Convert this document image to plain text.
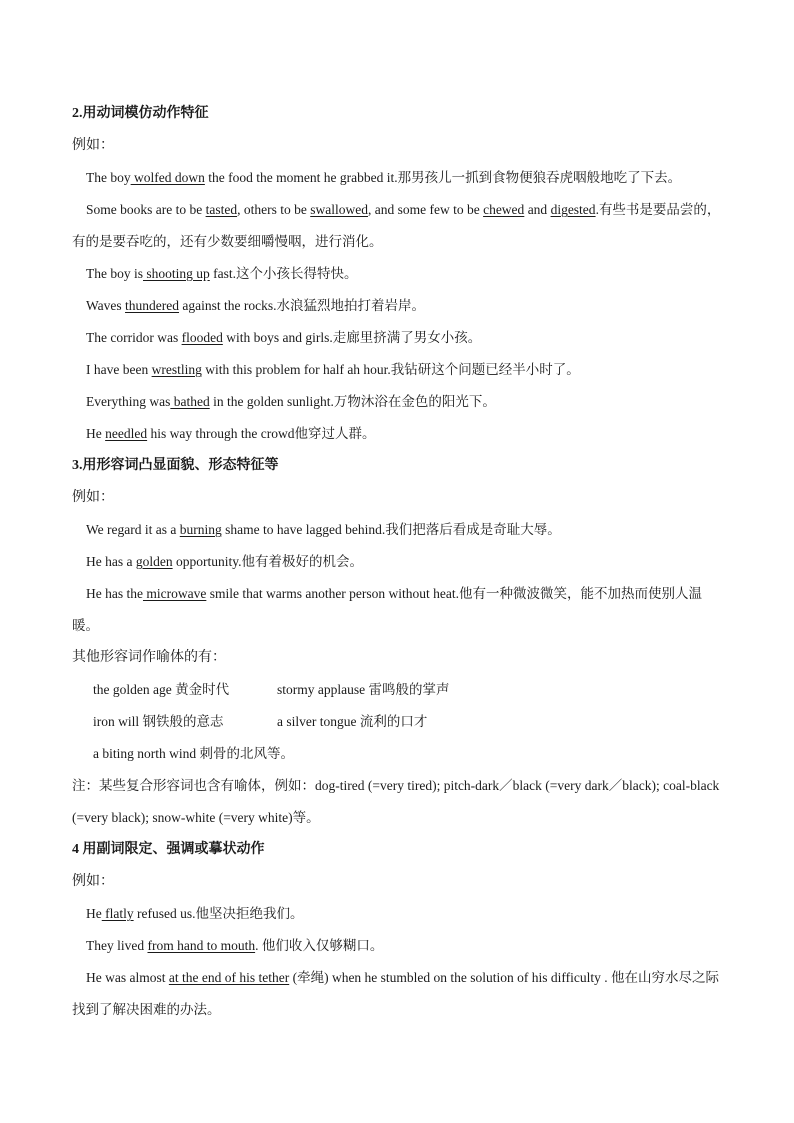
2.用动词模仿动作特征
例如：
The boy wolfed down the food the moment he grabbed it.那男孩儿一抓到食物便狼吞虎咽般地吃了下去。
Some books are to be tasted, others to be swallowed, and some few to be chewed and digested.有些书是要品尝的，有的是要吞吃的，还有少数要细嚼慢咽，进行消化。
The boy is shooting up fast.这个小孩长得特快。
Waves thundered against the rocks.水浪猛烈地拍打着岩岸。
The corridor was flooded with boys and girls.走廊里挤满了男女小孩。
I have been wrestling with this problem for half ah hour.我钻研这个问题已经半小时了。
Everything was bathed in the golden sunlight.万物沐浴在金色的阳光下。
He needled his way through the crowd他穿过人群。
3.用形容词凸显面貌、形态特征等
例如：
We regard it as a burning shame to have lagged behind.我们把落后看成是奇耻大辱。
He has a golden opportunity.他有着极好的机会。
He has the microwave smile that warms another person without heat.他有一种微波微笑，能不加热而使别人温暖。
其他形容词作喻体的有：
the golden age 黄金时代	stormy applause 雷鸣般的掌声
iron will 钢铁般的意志	a silver tongue 流利的口才
a biting north wind 刺骨的北风等。
注：某些复合形容词也含有喻体，例如：dog-tired (=very tired); pitch-dark／black (=very dark／black); coal-black (=very black); snow-white (=very white)等。
4 用副词限定、强调或摹状动作
例如：
He flatly refused us.他坚决拒绝我们。
They lived from hand to mouth. 他们收入仅够糊口。
He was almost at the end of his tether (牵绳) when he stumbled on the solution of his difficulty . 他在山穷水尽之际找到了解决困难的办法。
